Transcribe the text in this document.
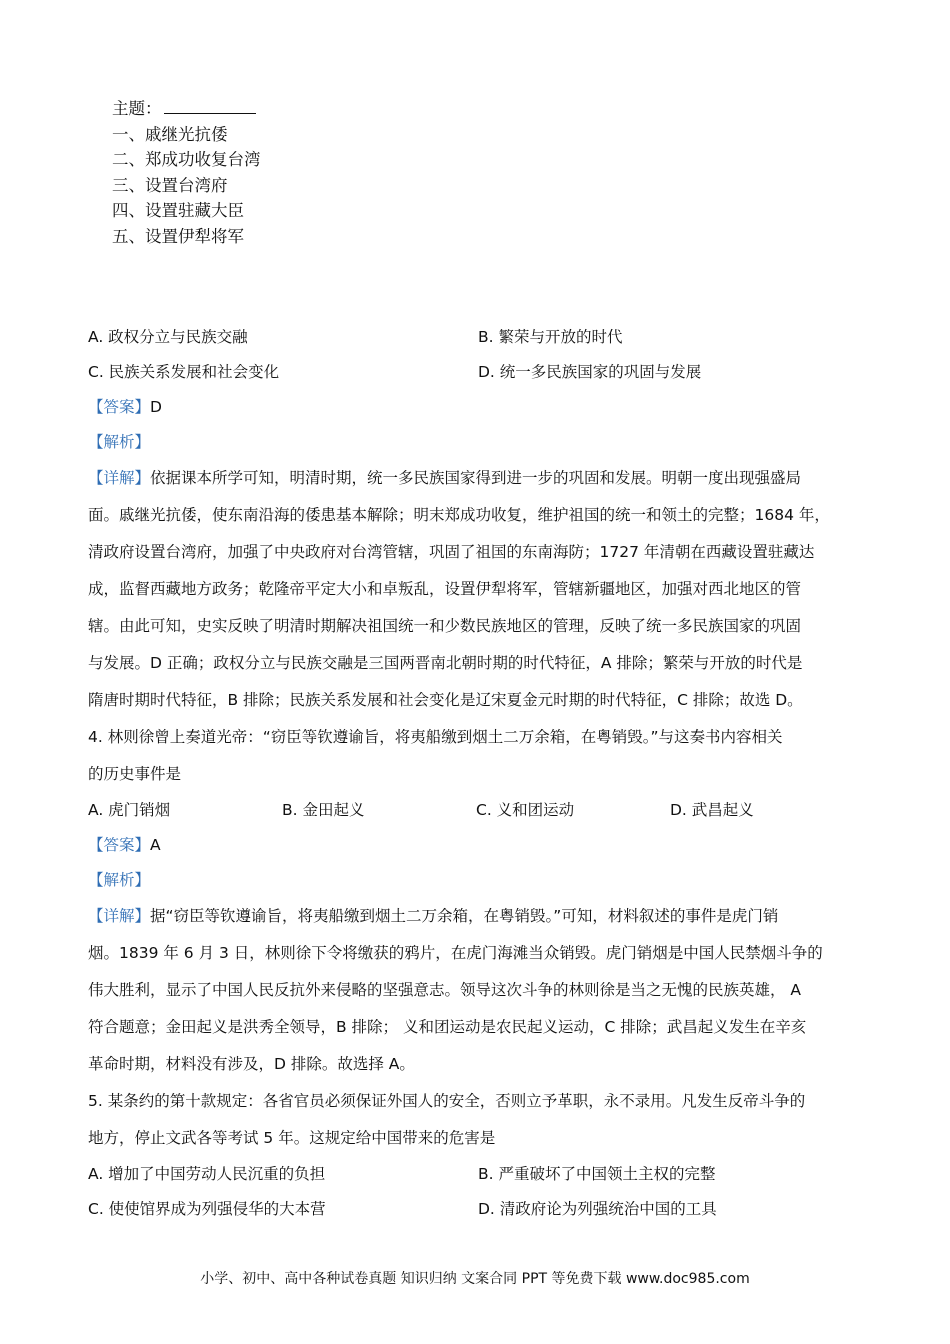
主题：
一、戚继光抗倭
二、郑成功收复台湾
三、设置台湾府
四、设置驻藏大臣
五、设置伊犁将军
A. 政权分立与民族交融	B. 繁荣与开放的时代
C. 民族关系发展和社会变化	D. 统一多民族国家的巩固与发展
【答案】D
【解析】
【详解】依据课本所学可知，明清时期，统一多民族国家得到进一步的巩固和发展。明朝一度出现强盛局
面。戚继光抗倭，使东南沿海的倭患基本解除；明末郑成功收复，维护祖国的统一和领土的完整；1684 年，
清政府设置台湾府，加强了中央政府对台湾管辖，巩固了祖国的东南海防；1727 年清朝在西藏设置驻藏达
成，监督西藏地方政务；乾隆帝平定大小和卓叛乱，设置伊犁将军，管辖新疆地区，加强对西北地区的管
辖。由此可知，史实反映了明清时期解决祖国统一和少数民族地区的管理，反映了统一多民族国家的巩固
与发展。D 正确；政权分立与民族交融是三国两晋南北朝时期的时代特征，A 排除；繁荣与开放的时代是
隋唐时期时代特征，B 排除；民族关系发展和社会变化是辽宋夏金元时期的时代特征，C 排除；故选 D。
4. 林则徐曾上奏道光帝：“窃臣等钦遵谕旨，将夷船缴到烟土二万余箱，在粤销毁。”与这奏书内容相关
的历史事件是
A. 虎门销烟	B. 金田起义	C. 义和团运动	D. 武昌起义
【答案】A
【解析】
【详解】据“窃臣等钦遵谕旨，将夷船缴到烟土二万余箱，在粤销毁。”可知，材料叙述的事件是虎门销
烟。1839 年 6 月 3 日，林则徐下令将缴获的鸦片，在虎门海滩当众销毁。虎门销烟是中国人民禁烟斗争的
伟大胜利，显示了中国人民反抗外来侵略的坚强意志。领导这次斗争的林则徐是当之无愧的民族英雄， A
符合题意；金田起义是洪秀全领导，B 排除； 义和团运动是农民起义运动，C 排除；武昌起义发生在辛亥
革命时期，材料没有涉及，D 排除。故选择 A。
5. 某条约的第十款规定：各省官员必须保证外国人的安全，否则立予革职，永不录用。凡发生反帝斗争的
地方，停止文武各等考试 5 年。这规定给中国带来的危害是
A. 增加了中国劳动人民沉重的负担	B. 严重破坏了中国领土主权的完整
C. 使使馆界成为列强侵华的大本营	D. 清政府论为列强统治中国的工具
小学、初中、高中各种试卷真题 知识归纳 文案合同 PPT 等免费下载 www.doc985.com
